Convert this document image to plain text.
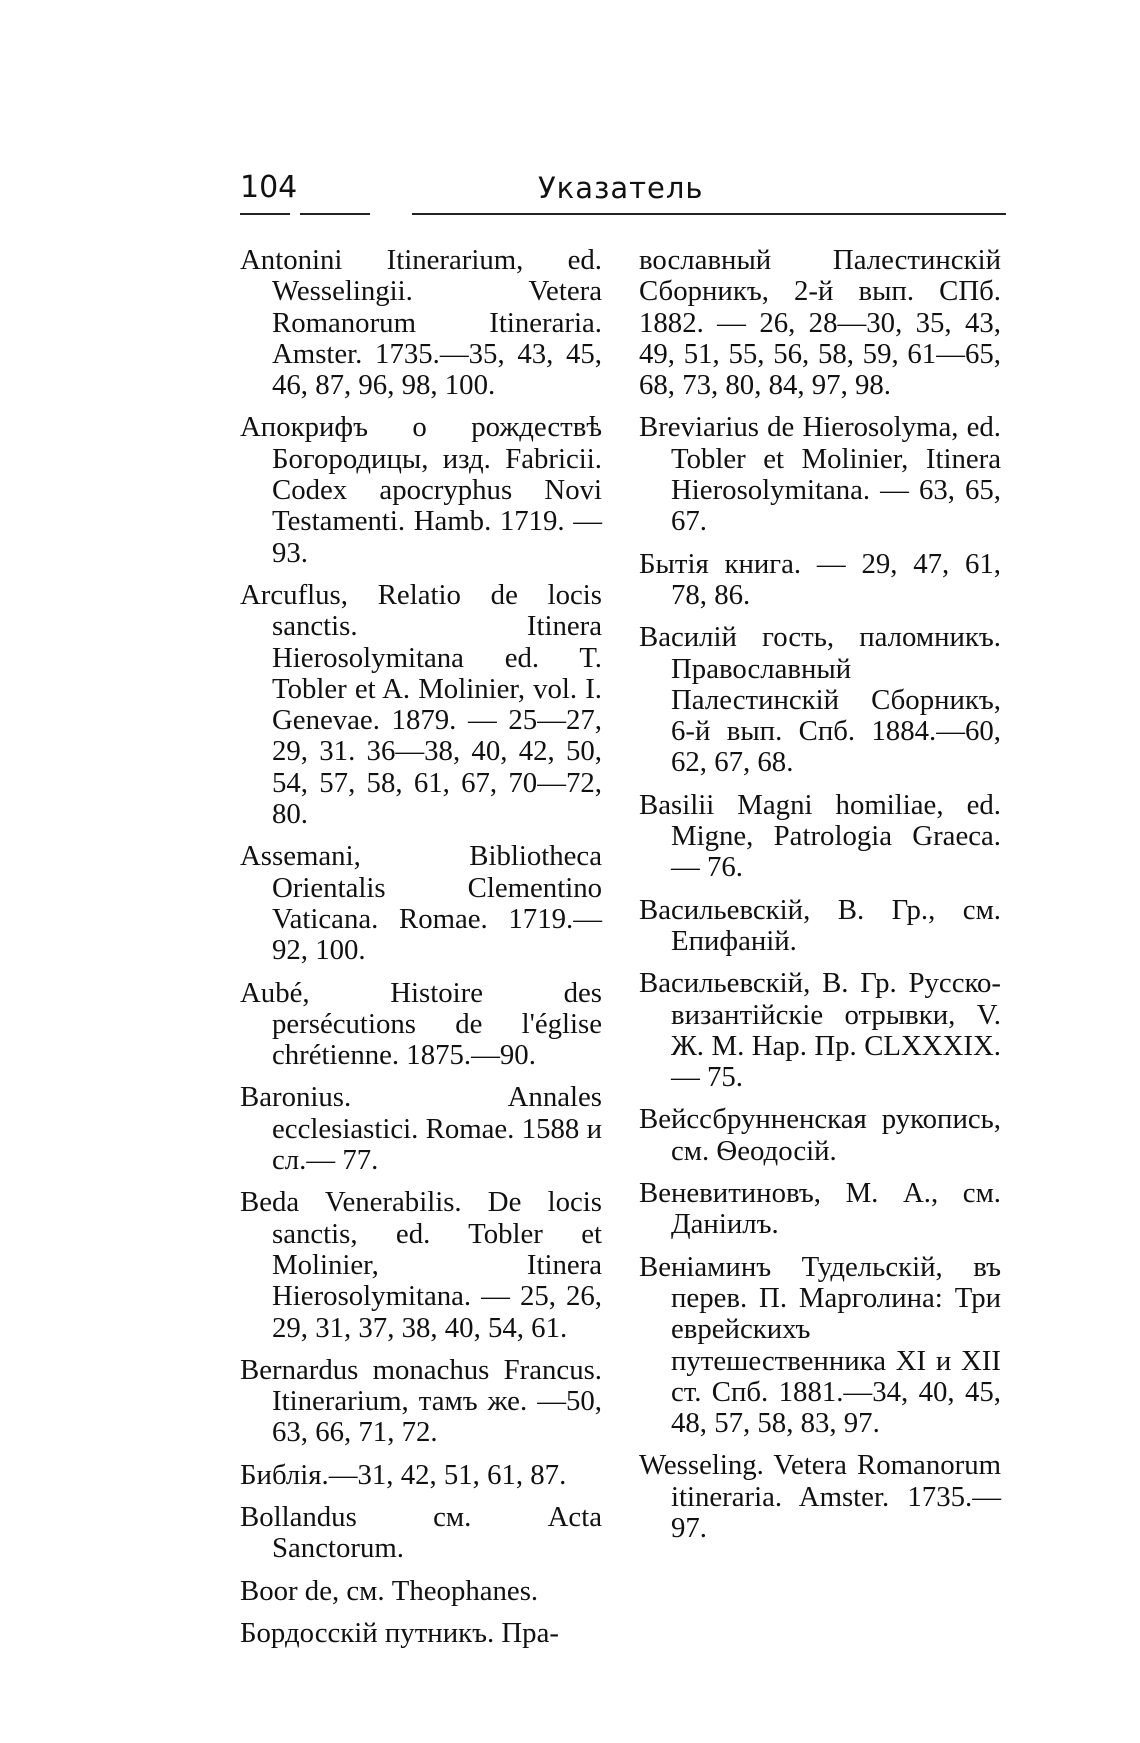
104	Указатель

Antonini Itinerarium, ed. Wesselingii. Vetera Romanorum Itineraria. Amster. 1735.—35, 43, 45, 46, 87, 96, 98, 100.

Апокрифъ о рождествѣ Богородицы, изд. Fabricii. Codex apocryphus Novi Testamenti. Hamb. 1719. — 93.

Arcuflus, Relatio de locis sanctis. Itinera Hierosolymitana ed. T. Tobler et A. Molinier, vol. I. Genevae. 1879. — 25—27, 29, 31. 36—38, 40, 42, 50, 54, 57, 58, 61, 67, 70—72, 80.

Assemani, Bibliotheca Orientalis Clementino Vaticana. Romae. 1719.—92, 100.

Aubé, Histoire des persécutions de l'église chrétienne. 1875.—90.

Baronius. Annales ecclesiastici. Romae. 1588 и сл.— 77.

Beda Venerabilis. De locis sanctis, ed. Tobler et Molinier, Itinera Hierosolymitana. — 25, 26, 29, 31, 37, 38, 40, 54, 61.

Bernardus monachus Francus. Itinerarium, тамъ же. —50, 63, 66, 71, 72.

Библія.—31, 42, 51, 61, 87.

Bollandus см. Acta Sanctorum.

Boor de, см. Theophanes.

Бордосскій путникъ. Пра-

вославный Палестинскій Сборникъ, 2-й вып. СПб. 1882. — 26, 28—30, 35, 43, 49, 51, 55, 56, 58, 59, 61—65, 68, 73, 80, 84, 97, 98.

Breviarius de Hierosolyma, ed. Tobler et Molinier, Itinera Hierosolymitana. — 63, 65, 67.

Бытія книга. — 29, 47, 61, 78, 86.

Василій гость, паломникъ. Православный Палестинскій Сборникъ, 6-й вып. Спб. 1884.—60, 62, 67, 68.

Basilii Magni homiliae, ed. Migne, Patrologia Graeca. — 76.

Васильевскій, В. Гр., см. Епифаній.

Васильевскій, В. Гр. Русско-византійскіе отрывки, V. Ж. М. Нар. Пр. CLXXXIX. — 75.

Вейссбрунненская рукопись, см. Ѳеодосій.

Веневитиновъ, М. А., см. Даніилъ.

Веніаминъ Тудельскій, въ перев. П. Марголина: Три еврейскихъ путешественника XI и XII ст. Спб. 1881.—34, 40, 45, 48, 57, 58, 83, 97.

Wesseling. Vetera Romanorum itineraria. Amster. 1735.—97.
